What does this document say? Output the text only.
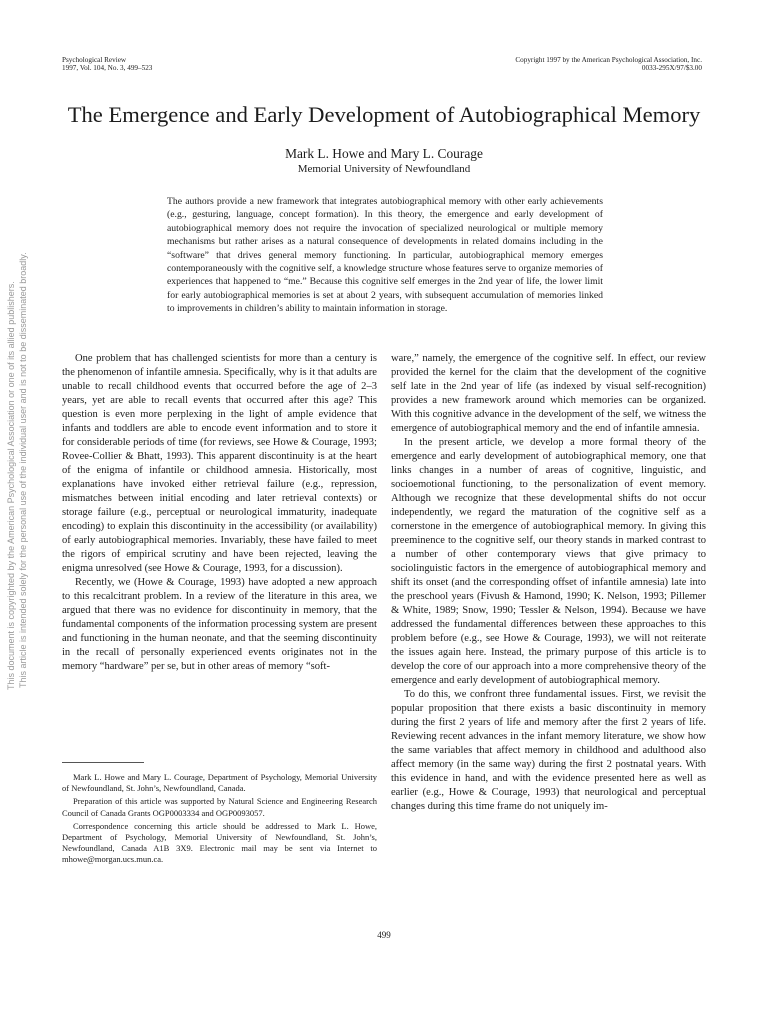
Psychological Review
1997, Vol. 104, No. 3, 499–523
Copyright 1997 by the American Psychological Association, Inc.
0033-295X/97/$3.00
The Emergence and Early Development of Autobiographical Memory
Mark L. Howe and Mary L. Courage
Memorial University of Newfoundland

The authors provide a new framework that integrates autobiographical memory with other early achievements (e.g., gesturing, language, concept formation). In this theory, the emergence and early development of autobiographical memory does not require the invocation of specialized neurological or multiple memory mechanisms but rather arises as a natural consequence of developments in related domains including in the “software” that drives general memory functioning. In particular, autobiographical memory emerges contemporaneously with the cognitive self, a knowledge structure whose features serve to organize memories of experiences that happened to “me.” Because this cognitive self emerges in the 2nd year of life, the lower limit for early autobiographical memories is set at about 2 years, with subsequent accumulation of memories linked to improvements in children’s ability to maintain information in storage.

One problem that has challenged scientists for more than a century is the phenomenon of infantile amnesia. Specifically, why is it that adults are unable to recall childhood events that occurred before the age of 2–3 years, yet are able to recall events that occurred after this age? This question is even more perplexing in the light of ample evidence that infants and toddlers are able to encode event information and to store it for considerable periods of time (for reviews, see Howe & Courage, 1993; Rovee-Collier & Bhatt, 1993). This apparent discontinuity is at the heart of the enigma of infantile or childhood amnesia. Historically, most explanations have invoked either retrieval failure (e.g., repression, mismatches between initial encoding and later retrieval contexts) or storage failure (e.g., perceptual or neurological immaturity, inadequate encoding) to explain this discontinuity in the accessibility (or availability) of early autobiographical memories. Invariably, these have failed to meet the rigors of empirical scrutiny and have been rejected, leaving the enigma unresolved (see Howe & Courage, 1993, for a discussion).

Recently, we (Howe & Courage, 1993) have adopted a new approach to this recalcitrant problem. In a review of the literature in this area, we argued that there was no evidence for discontinuity in memory, that the fundamental components of the information processing system are present and functioning in the human neonate, and that the seeming discontinuity in the recall of personally experienced events originates not in the memory “hardware” per se, but in other areas of memory “soft-

ware,” namely, the emergence of the cognitive self. In effect, our review provided the kernel for the claim that the development of the cognitive self late in the 2nd year of life (as indexed by visual self-recognition) provides a new framework around which memories can be organized. With this cognitive advance in the development of the self, we witness the emergence of autobiographical memory and the end of infantile amnesia.

In the present article, we develop a more formal theory of the emergence and early development of autobiographical memory, one that links changes in a number of areas of cognitive, linguistic, and socioemotional functioning, to the personalization of event memory. Although we recognize that these developmental shifts do not occur independently, we regard the maturation of the cognitive self as a cornerstone in the emergence of autobiographical memory. In giving this preeminence to the cognitive self, our theory stands in marked contrast to a number of other contemporary views that give primacy to sociolinguistic factors in the emergence of autobiographical memory and shift its onset (and the corresponding offset of infantile amnesia) late into the preschool years (Fivush & Hamond, 1990; K. Nelson, 1993; Pillemer & White, 1989; Snow, 1990; Tessler & Nelson, 1994). Because we have addressed the fundamental differences between these approaches to this problem before (e.g., see Howe & Courage, 1993), we will not reiterate the issues again here. Instead, the primary purpose of this article is to develop the core of our approach into a more comprehensive theory of the emergence and early development of autobiographical memory.

To do this, we confront three fundamental issues. First, we revisit the popular proposition that there exists a basic discontinuity in memory during the first 2 years of life and memory after the first 2 years of life. Reviewing recent advances in the infant memory literature, we show how the same variables that affect memory in childhood and adulthood also affect memory (in the same way) during the first 2 postnatal years. With this evidence in hand, and with the evidence presented here as well as earlier (e.g., Howe & Courage, 1993) that neurological and perceptual changes during this time frame do not uniquely im-

Mark L. Howe and Mary L. Courage, Department of Psychology, Memorial University of Newfoundland, St. John’s, Newfoundland, Canada.

Preparation of this article was supported by Natural Science and Engineering Research Council of Canada Grants OGP0003334 and OGP0093057.

Correspondence concerning this article should be addressed to Mark L. Howe, Department of Psychology, Memorial University of Newfoundland, St. John’s, Newfoundland, Canada A1B 3X9. Electronic mail may be sent via Internet to mhowe@morgan.ucs.mun.ca.

499
This document is copyrighted by the American Psychological Association or one of its allied publishers. This article is intended solely for the personal use of the individual user and is not to be disseminated broadly.
